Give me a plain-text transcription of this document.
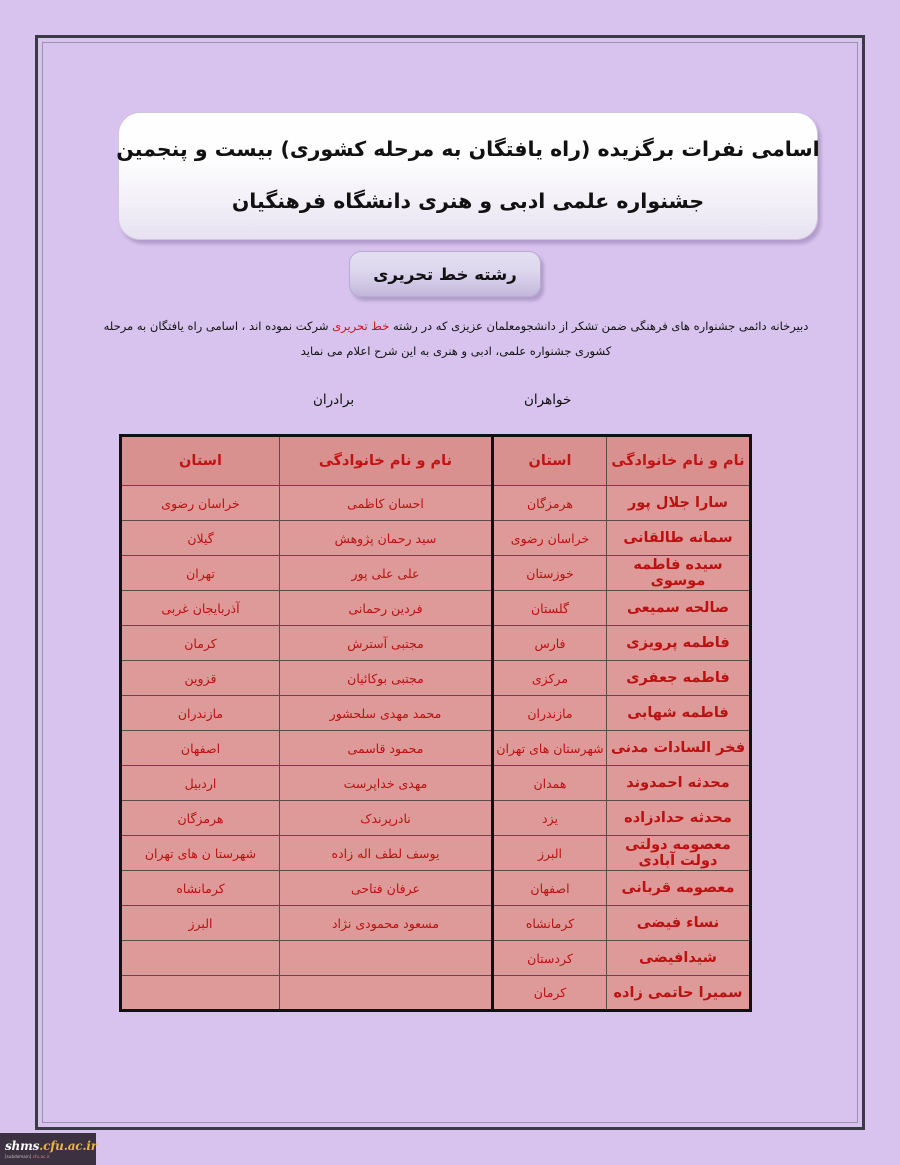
اسامی نفرات برگزیده (راه یافتگان به مرحله کشوری) بیست و پنجمین
جشنواره علمی ادبی و هنری دانشگاه فرهنگیان
رشته خط تحریری
دبیرخانه دائمی جشنواره های فرهنگی ضمن تشکر از دانشجومعلمان عزیزی که در رشته خط تحریری شرکت نموده اند ، اسامی راه یافتگان به مرحله کشوری جشنواره علمی، ادبی و هنری به این شرح اعلام می نماید
خواهران
برادران
نام و نام خانوادگی	استان	نام و نام خانوادگی	استان
سارا جلال پور	هرمزگان	احسان کاظمی	خراسان رضوی
سمانه طالقانی	خراسان رضوی	سید رحمان پژوهش	گیلان
سیده فاطمه موسوی	خوزستان	علی علی پور	تهران
صالحه سمیعی	گلستان	فردین رحمانی	آذربایجان غربی
فاطمه پرویزی	فارس	مجتبی آسترش	کرمان
فاطمه جعفری	مرکزی	مجتبی بوکائیان	قزوین
فاطمه شهابی	مازندران	محمد مهدی سلحشور	مازندران
فخر السادات مدنی	شهرستان های تهران	محمود قاسمی	اصفهان
محدثه احمدوند	همدان	مهدی خداپرست	اردبیل
محدثه حدادزاده	یزد	نادرپرندک	هرمزگان
معصومه دولتی دولت آبادی	البرز	یوسف لطف اله زاده	شهرستا ن های تهران
معصومه قربانی	اصفهان	عرفان فتاحی	کرمانشاه
نساء فیضی	کرمانشاه	مسعود محمودی نژاد	البرز
شیدافیضی	کردستان		
سمیرا حاتمی زاده	کرمان		
shms.cfu.ac.ir
[subdomain].cfu.ac.ir
